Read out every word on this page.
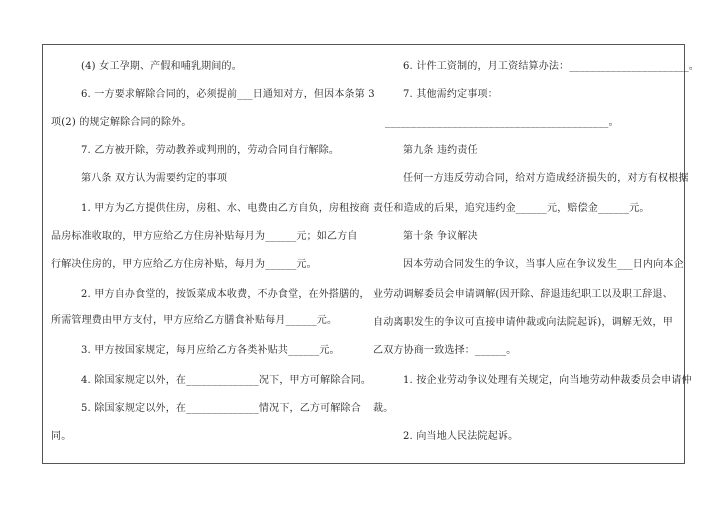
(4) 女工孕期、产假和哺乳期间的。
6. 一方要求解除合同的，必须提前___日通知对方，但因本条第 3
项(2) 的规定解除合同的除外。
7. 乙方被开除，劳动教养或判刑的，劳动合同自行解除。
第八条 双方认为需要约定的事项
1. 甲方为乙方提供住房，房租、水、电费由乙方自负，房租按商
品房标准收取的，甲方应给乙方住房补贴每月为______元；如乙方自
行解决住房的，甲方应给乙方住房补贴，每月为______元。
2. 甲方自办食堂的，按饭菜成本收费，不办食堂，在外搭膳的，
所需管理费由甲方支付，甲方应给乙方膳食补贴每月______元。
3. 甲方按国家规定，每月应给乙方各类补贴共______元。
4. 除国家规定以外，在______________况下，甲方可解除合同。
5. 除国家规定以外，在______________情况下，乙方可解除合
同。
6. 计件工资制的，月工资结算办法：_______________________。
7. 其他需约定事项：
___________________________________________。
第九条 违约责任
任何一方违反劳动合同，给对方造成经济损失的，对方有权根据
责任和造成的后果，追究违约金______元，赔偿金______元。
第十条 争议解决
因本劳动合同发生的争议，当事人应在争议发生___日内向本企
业劳动调解委员会申请调解(因开除、辞退违纪职工以及职工辞退、
自动离职发生的争议可直接申请仲裁或向法院起诉)，调解无效，甲
乙双方协商一致选择：______。
1. 按企业劳动争议处理有关规定，向当地劳动仲裁委员会申请仲
裁。
2. 向当地人民法院起诉。
